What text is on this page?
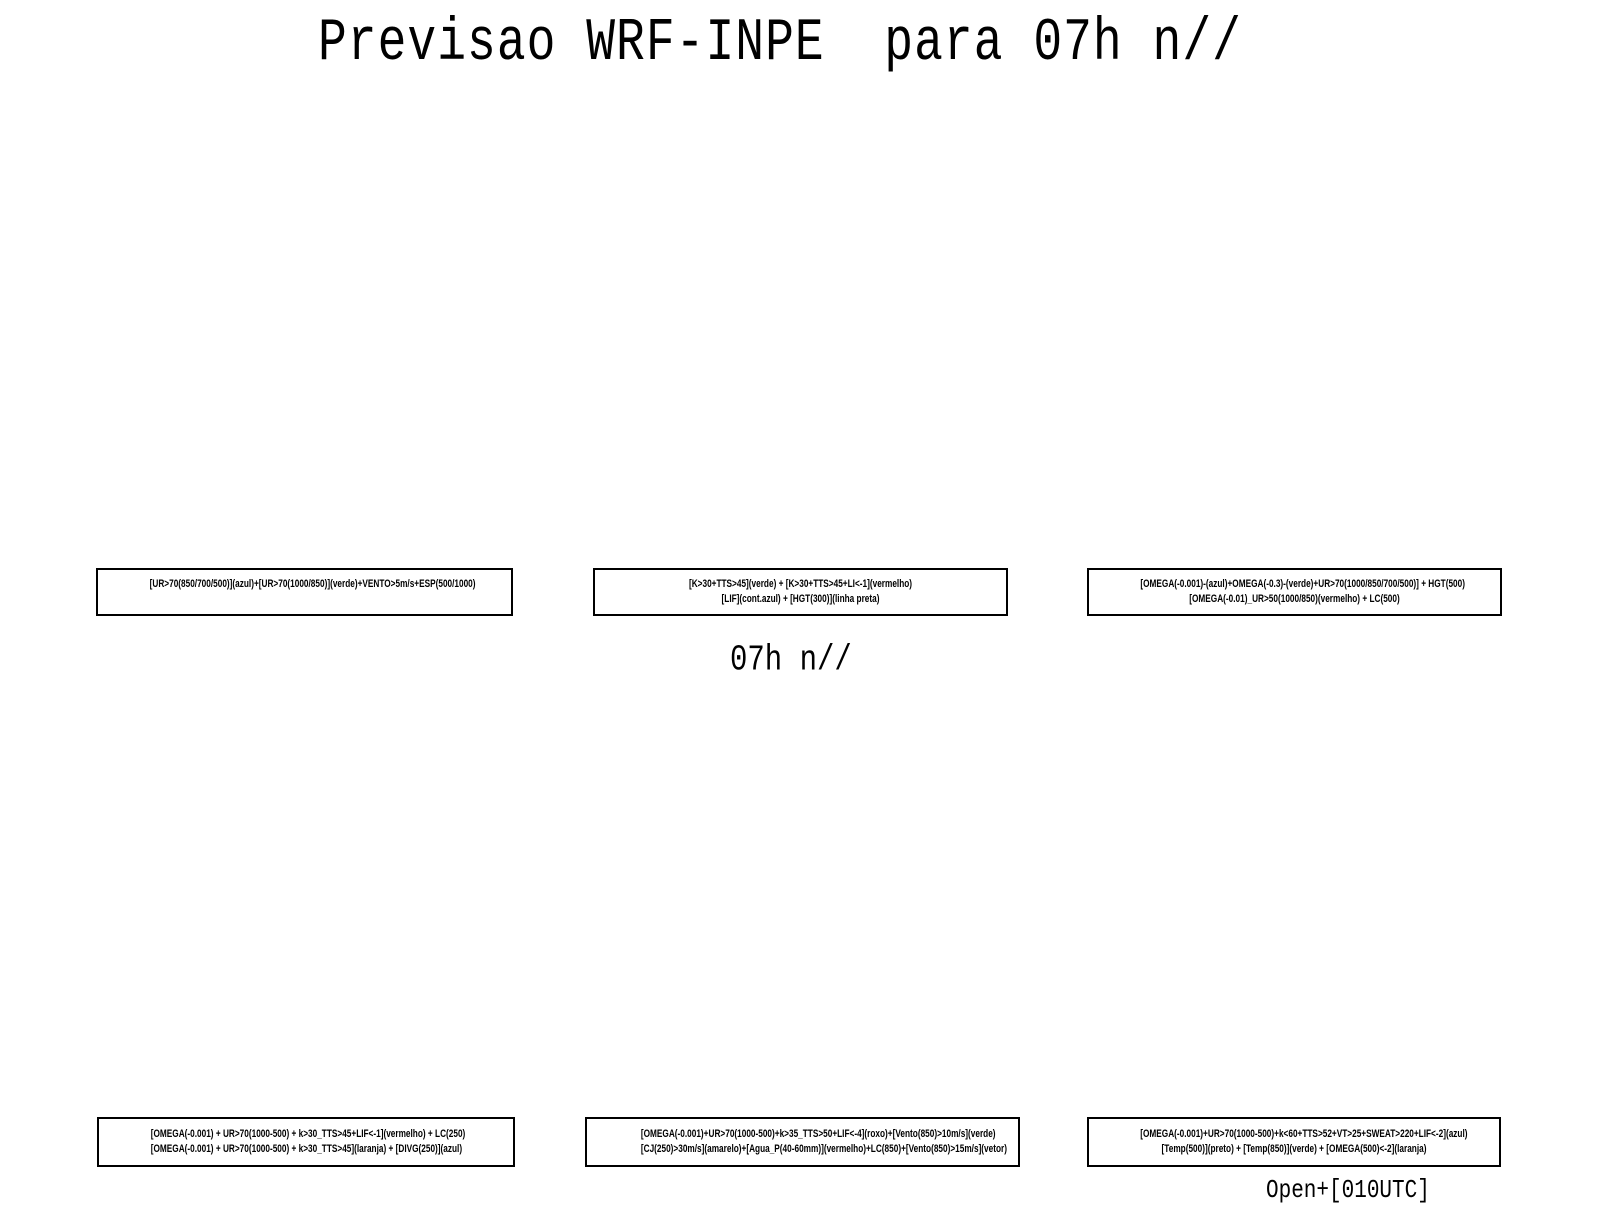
Previsao WRF-INPE  para 07h n//
[UR>70(850/700/500)](azul)+[UR>70(1000/850)](verde)+VENTO>5m/s+ESP(500/1000)	[K>30+TTS>45](verde) + [K>30+TTS>45+LI<-1](vermelho)
[LIF](cont.azul) + [HGT(300)](linha preta)
[OMEGA(-0.001)-(azul)+OMEGA(-0.3)-(verde)+UR>70(1000/850/700/500)] + HGT(500)
[OMEGA(-0.01)_UR>50(1000/850)(vermelho) + LC(500)
07h n//
[OMEGA(-0.001) + UR>70(1000-500) + k>30_TTS>45+LIF<-1](vermelho) + LC(250)
[OMEGA(-0.001) + UR>70(1000-500) + k>30_TTS>45](laranja) + [DIVG(250)](azul)
[OMEGA(-0.001)+UR>70(1000-500)+k>35_TTS>50+LIF<-4](roxo)+[Vento(850)>10m/s](verde)
[CJ(250)>30m/s](amarelo)+[Agua_P(40-60mm)](vermelho)+LC(850)+[Vento(850)>15m/s](vetor)
[OMEGA(-0.001)+UR>70(1000-500)+k<60+TTS>52+VT>25+SWEAT>220+LIF<-2](azul)
[Temp(500)](preto) + [Temp(850)](verde) + [OMEGA(500)<-2](laranja)
Open+[010UTC]
